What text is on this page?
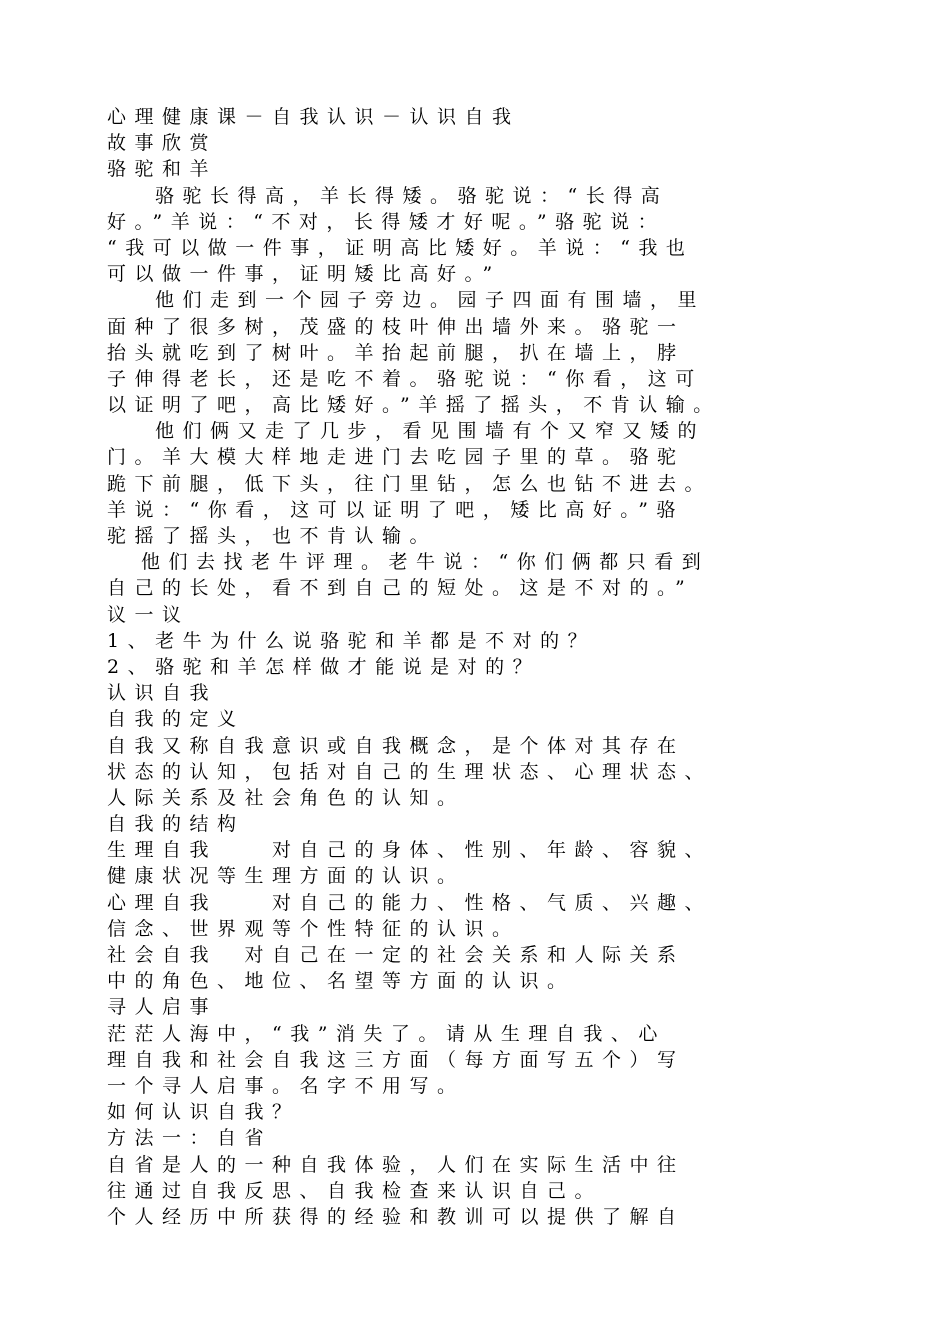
心理健康课－自我认识－认识自我
故事欣赏
骆驼和羊
骆驼长得高，羊长得矮。骆驼说：“长得高
好。”羊说：“不对，长得矮才好呢。”骆驼说：
“我可以做一件事，证明高比矮好。羊说：“我也
可以做一件事，证明矮比高好。”
他们走到一个园子旁边。园子四面有围墙，里
面种了很多树，茂盛的枝叶伸出墙外来。骆驼一
抬头就吃到了树叶。羊抬起前腿，扒在墙上，脖
子伸得老长，还是吃不着。骆驼说：“你看，这可
以证明了吧，高比矮好。”羊摇了摇头，不肯认输。
他们俩又走了几步，看见围墙有个又窄又矮的
门。羊大模大样地走进门去吃园子里的草。骆驼
跪下前腿，低下头，往门里钻，怎么也钻不进去。
羊说：“你看，这可以证明了吧，矮比高好。”骆
驼摇了摇头，也不肯认输。
他们去找老牛评理。老牛说：“你们俩都只看到
自己的长处，看不到自己的短处。这是不对的。”
议一议
1、老牛为什么说骆驼和羊都是不对的？
2、骆驼和羊怎样做才能说是对的？
认识自我
自我的定义
自我又称自我意识或自我概念，是个体对其存在
状态的认知，包括对自己的生理状态、心理状态、
人际关系及社会角色的认知。
自我的结构
生理自我　　对自己的身体、性别、年龄、容貌、
健康状况等生理方面的认识。
心理自我　　对自己的能力、性格、气质、兴趣、
信念、世界观等个性特征的认识。
社会自我　对自己在一定的社会关系和人际关系
中的角色、地位、名望等方面的认识。
寻人启事
茫茫人海中，“我”消失了。请从生理自我、心
理自我和社会自我这三方面（每方面写五个）写
一个寻人启事。名字不用写。
如何认识自我？
方法一：自省
自省是人的一种自我体验，人们在实际生活中往
往通过自我反思、自我检查来认识自己。
个人经历中所获得的经验和教训可以提供了解自
